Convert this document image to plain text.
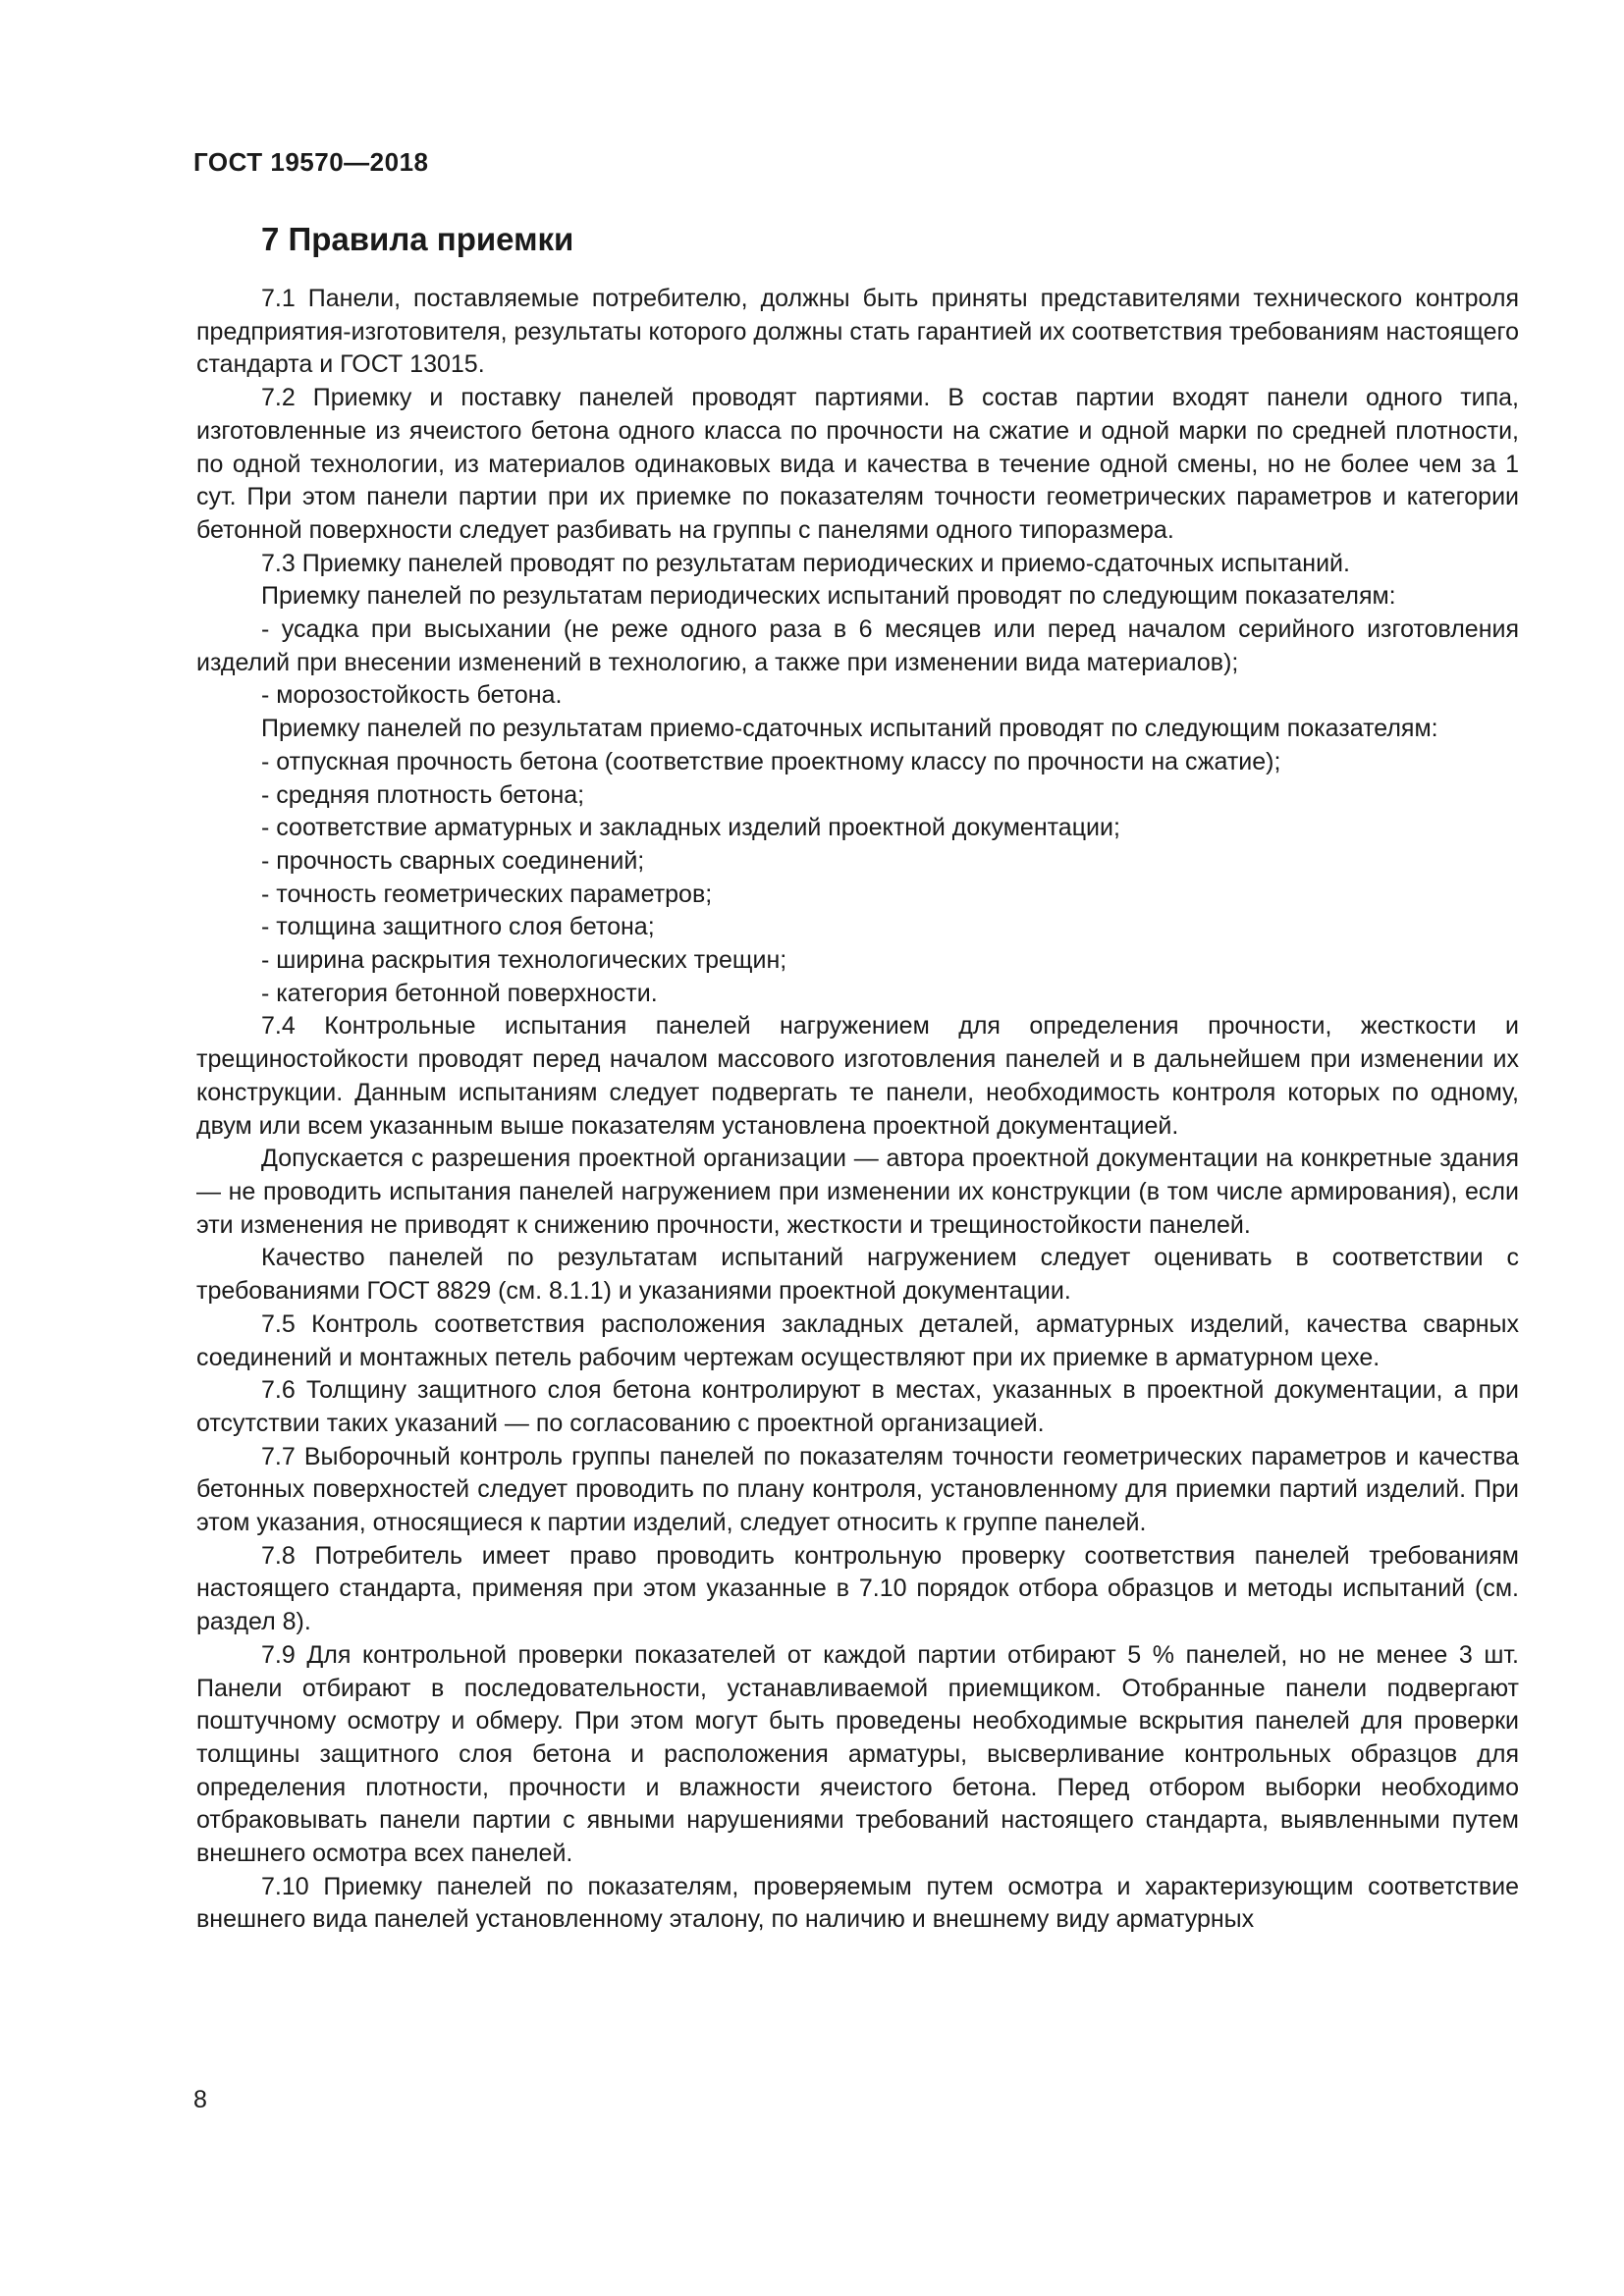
ГОСТ 19570—2018
7 Правила приемки

7.1 Панели, поставляемые потребителю, должны быть приняты представителями технического контроля предприятия-изготовителя, результаты которого должны стать гарантией их соответствия требованиям настоящего стандарта и ГОСТ 13015.

7.2 Приемку и поставку панелей проводят партиями. В состав партии входят панели одного типа, изготовленные из ячеистого бетона одного класса по прочности на сжатие и одной марки по средней плотности, по одной технологии, из материалов одинаковых вида и качества в течение одной смены, но не более чем за 1 сут. При этом панели партии при их приемке по показателям точности геометрических параметров и категории бетонной поверхности следует разбивать на группы с панелями одного типоразмера.

7.3 Приемку панелей проводят по результатам периодических и приемо-сдаточных испытаний.

Приемку панелей по результатам периодических испытаний проводят по следующим показателям:

- усадка при высыхании (не реже одного раза в 6 месяцев или перед началом серийного изготовления изделий при внесении изменений в технологию, а также при изменении вида материалов);

- морозостойкость бетона.

Приемку панелей по результатам приемо-сдаточных испытаний проводят по следующим показателям:

- отпускная прочность бетона (соответствие проектному классу по прочности на сжатие);

- средняя плотность бетона;

- соответствие арматурных и закладных изделий проектной документации;

- прочность сварных соединений;

- точность геометрических параметров;

- толщина защитного слоя бетона;

- ширина раскрытия технологических трещин;

- категория бетонной поверхности.

7.4 Контрольные испытания панелей нагружением для определения прочности, жесткости и трещиностойкости проводят перед началом массового изготовления панелей и в дальнейшем при изменении их конструкции. Данным испытаниям следует подвергать те панели, необходимость контроля которых по одному, двум или всем указанным выше показателям установлена проектной документацией.

Допускается с разрешения проектной организации — автора проектной документации на конкретные здания — не проводить испытания панелей нагружением при изменении их конструкции (в том числе армирования), если эти изменения не приводят к снижению прочности, жесткости и трещиностойкости панелей.

Качество панелей по результатам испытаний нагружением следует оценивать в соответствии с требованиями ГОСТ 8829 (см. 8.1.1) и указаниями проектной документации.

7.5 Контроль соответствия расположения закладных деталей, арматурных изделий, качества сварных соединений и монтажных петель рабочим чертежам осуществляют при их приемке в арматурном цехе.

7.6 Толщину защитного слоя бетона контролируют в местах, указанных в проектной документации, а при отсутствии таких указаний — по согласованию с проектной организацией.

7.7 Выборочный контроль группы панелей по показателям точности геометрических параметров и качества бетонных поверхностей следует проводить по плану контроля, установленному для приемки партий изделий. При этом указания, относящиеся к партии изделий, следует относить к группе панелей.

7.8 Потребитель имеет право проводить контрольную проверку соответствия панелей требованиям настоящего стандарта, применяя при этом указанные в 7.10 порядок отбора образцов и методы испытаний (см. раздел 8).

7.9 Для контрольной проверки показателей от каждой партии отбирают 5 % панелей, но не менее 3 шт. Панели отбирают в последовательности, устанавливаемой приемщиком. Отобранные панели подвергают поштучному осмотру и обмеру. При этом могут быть проведены необходимые вскрытия панелей для проверки толщины защитного слоя бетона и расположения арматуры, высверливание контрольных образцов для определения плотности, прочности и влажности ячеистого бетона. Перед отбором выборки необходимо отбраковывать панели партии с явными нарушениями требований настоящего стандарта, выявленными путем внешнего осмотра всех панелей.

7.10 Приемку панелей по показателям, проверяемым путем осмотра и характеризующим соответствие внешнего вида панелей установленному эталону, по наличию и внешнему виду арматурных

8
